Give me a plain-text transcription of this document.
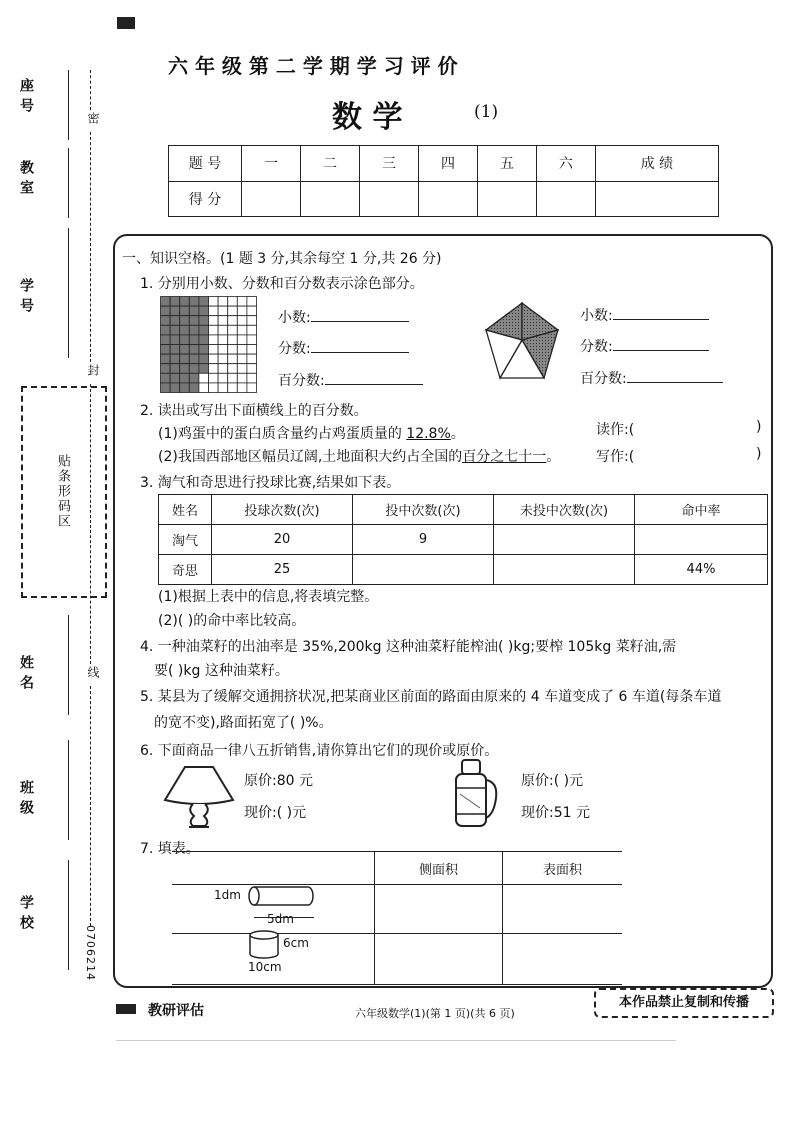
座号
教室
学号
姓名
班级
学校
0706214
密
封
线
贴条形码区
六 年 级 第 二 学 期 学 习 评 价
数 学	(1)
题 号	一	二	三	四	五	六	成 绩
得 分							
一、知识空格。(1 题 3 分,其余每空 1 分,共 26 分)
1. 分别用小数、分数和百分数表示涂色部分。
小数:
分数:
百分数:
小数:
分数:
百分数:
2. 读出或写出下面横线上的百分数。
(1)鸡蛋中的蛋白质含量约占鸡蛋质量的 12.8%。	读作:(	)
(2)我国西部地区幅员辽阔,土地面积大约占全国的百分之七十一。	写作:(	)
3. 淘气和奇思进行投球比赛,结果如下表。
姓名	投球次数(次)	投中次数(次)	未投中次数(次)	命中率
淘气	20	9		
奇思	25			44%
(1)根据上表中的信息,将表填完整。
(2)( )的命中率比较高。
4. 一种油菜籽的出油率是 35%,200kg 这种油菜籽能榨油( )kg;要榨 105kg 菜籽油,需
要( )kg 这种油菜籽。
5. 某县为了缓解交通拥挤状况,把某商业区前面的路面由原来的 4 车道变成了 6 车道(每条车道
的宽不变),路面拓宽了( )%。
6. 下面商品一律八五折销售,请你算出它们的现价或原价。
原价:80 元
现价:( )元
原价:( )元
现价:51 元
7. 填表。
	侧面积	表面积

1dm
5dm
6cm
10cm
教研评估	六年级数学(1)(第 1 页)(共 6 页)
本作品禁止复制和传播
